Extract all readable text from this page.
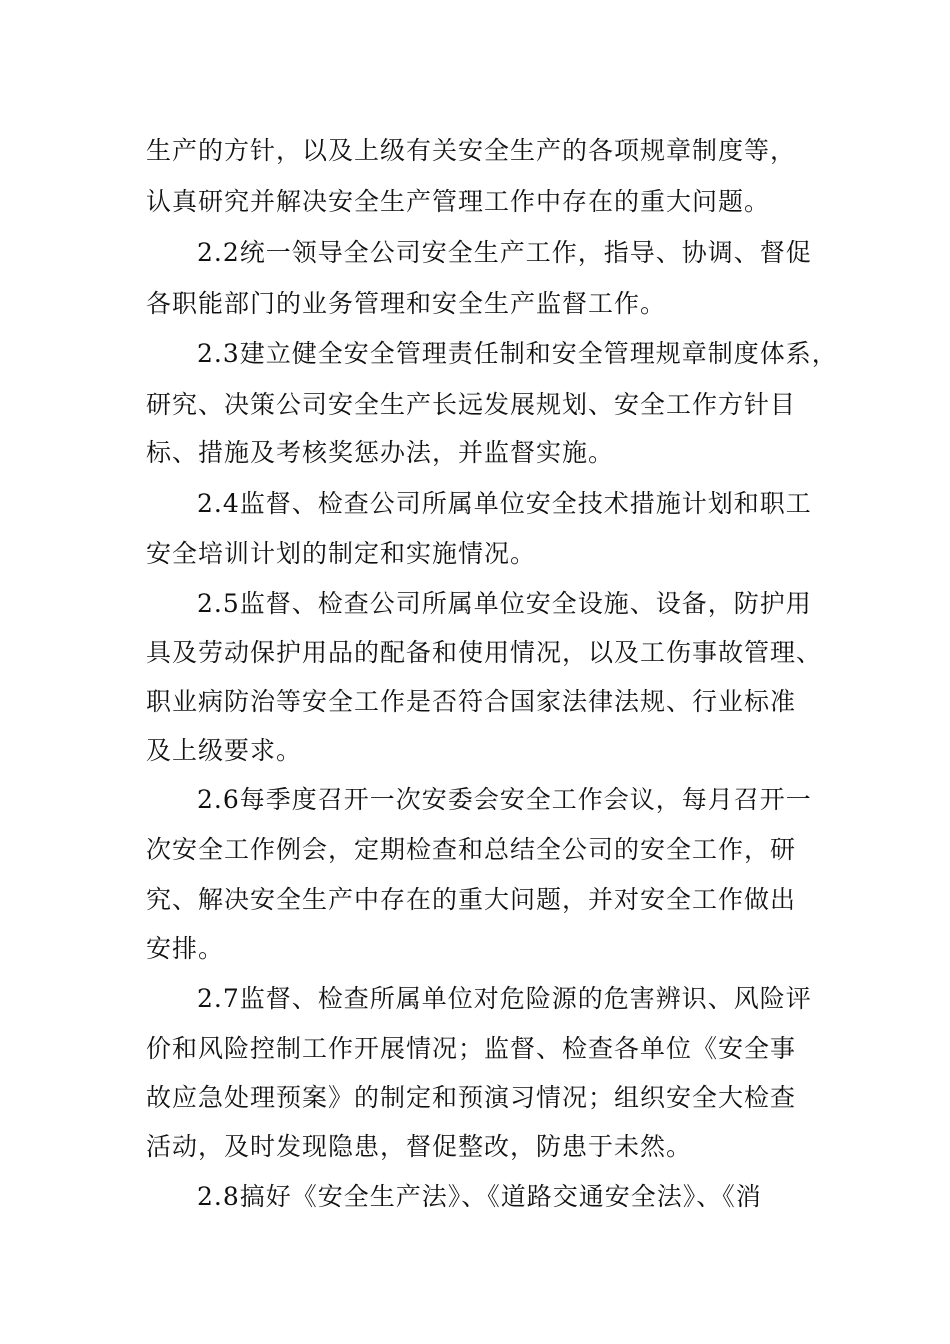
生产的方针，以及上级有关安全生产的各项规章制度等，
认真研究并解决安全生产管理工作中存在的重大问题。
2.2统一领导全公司安全生产工作，指导、协调、督促
各职能部门的业务管理和安全生产监督工作。
2.3建立健全安全管理责任制和安全管理规章制度体系，
研究、决策公司安全生产长远发展规划、安全工作方针目
标、措施及考核奖惩办法，并监督实施。
2.4监督、检查公司所属单位安全技术措施计划和职工
安全培训计划的制定和实施情况。
2.5监督、检查公司所属单位安全设施、设备，防护用
具及劳动保护用品的配备和使用情况，以及工伤事故管理、
职业病防治等安全工作是否符合国家法律法规、行业标准
及上级要求。
2.6每季度召开一次安委会安全工作会议，每月召开一
次安全工作例会，定期检查和总结全公司的安全工作，研
究、解决安全生产中存在的重大问题，并对安全工作做出
安排。
2.7监督、检查所属单位对危险源的危害辨识、风险评
价和风险控制工作开展情况；监督、检查各单位《安全事
故应急处理预案》的制定和预演习情况；组织安全大检查
活动，及时发现隐患，督促整改，防患于未然。
2.8搞好《安全生产法》、《道路交通安全法》、《消
